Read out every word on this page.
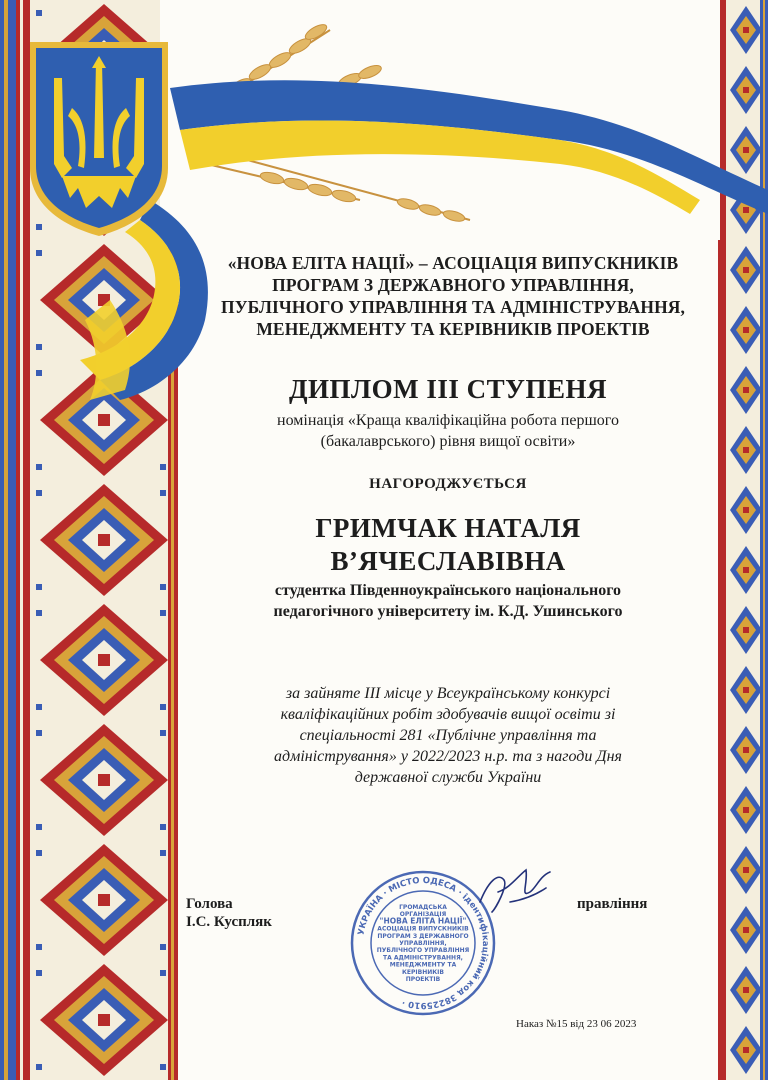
«НОВА ЕЛІТА НАЦІЇ» – АСОЦІАЦІЯ ВИПУСКНИКІВ
ПРОГРАМ З ДЕРЖАВНОГО УПРАВЛІННЯ,
ПУБЛІЧНОГО УПРАВЛІННЯ ТА АДМІНІСТРУВАННЯ,
МЕНЕДЖМЕНТУ ТА КЕРІВНИКІВ ПРОЕКТІВ
ДИПЛОМ ІІІ СТУПЕНЯ
номінація «Краща кваліфікаційна робота першого
(бакалаврського) рівня вищої освіти»
НАГОРОДЖУЄТЬСЯ
ГРИМЧАК НАТАЛЯ
В’ЯЧЕСЛАВІВНА
студентка Південноукраїнського національного
педагогічного університету ім. К.Д. Ушинського
за зайняте ІІІ місце у Всеукраїнському конкурсі
кваліфікаційних робіт здобувачів вищої освіти зі
спеціальності 281 «Публічне управління та
адміністрування» у 2022/2023 н.р. та з нагоди Дня
державної служби України
Голова
І.С. Куспляк
УКРАЇНА · МІСТО ОДЕСА · ідентифікаційний код 38225910 ·
ГРОМАДСЬКА
ОРГАНІЗАЦІЯ
"НОВА ЕЛІТА НАЦІЇ"
АСОЦІАЦІЯ ВИПУСКНИКІВ
ПРОГРАМ З ДЕРЖАВНОГО
УПРАВЛІННЯ,
ПУБЛІЧНОГО УПРАВЛІННЯ
ТА АДМІНІСТРУВАННЯ,
МЕНЕДЖМЕНТУ ТА
КЕРІВНИКІВ
ПРОЕКТІВ
правління
Наказ №15 від 23 06 2023
